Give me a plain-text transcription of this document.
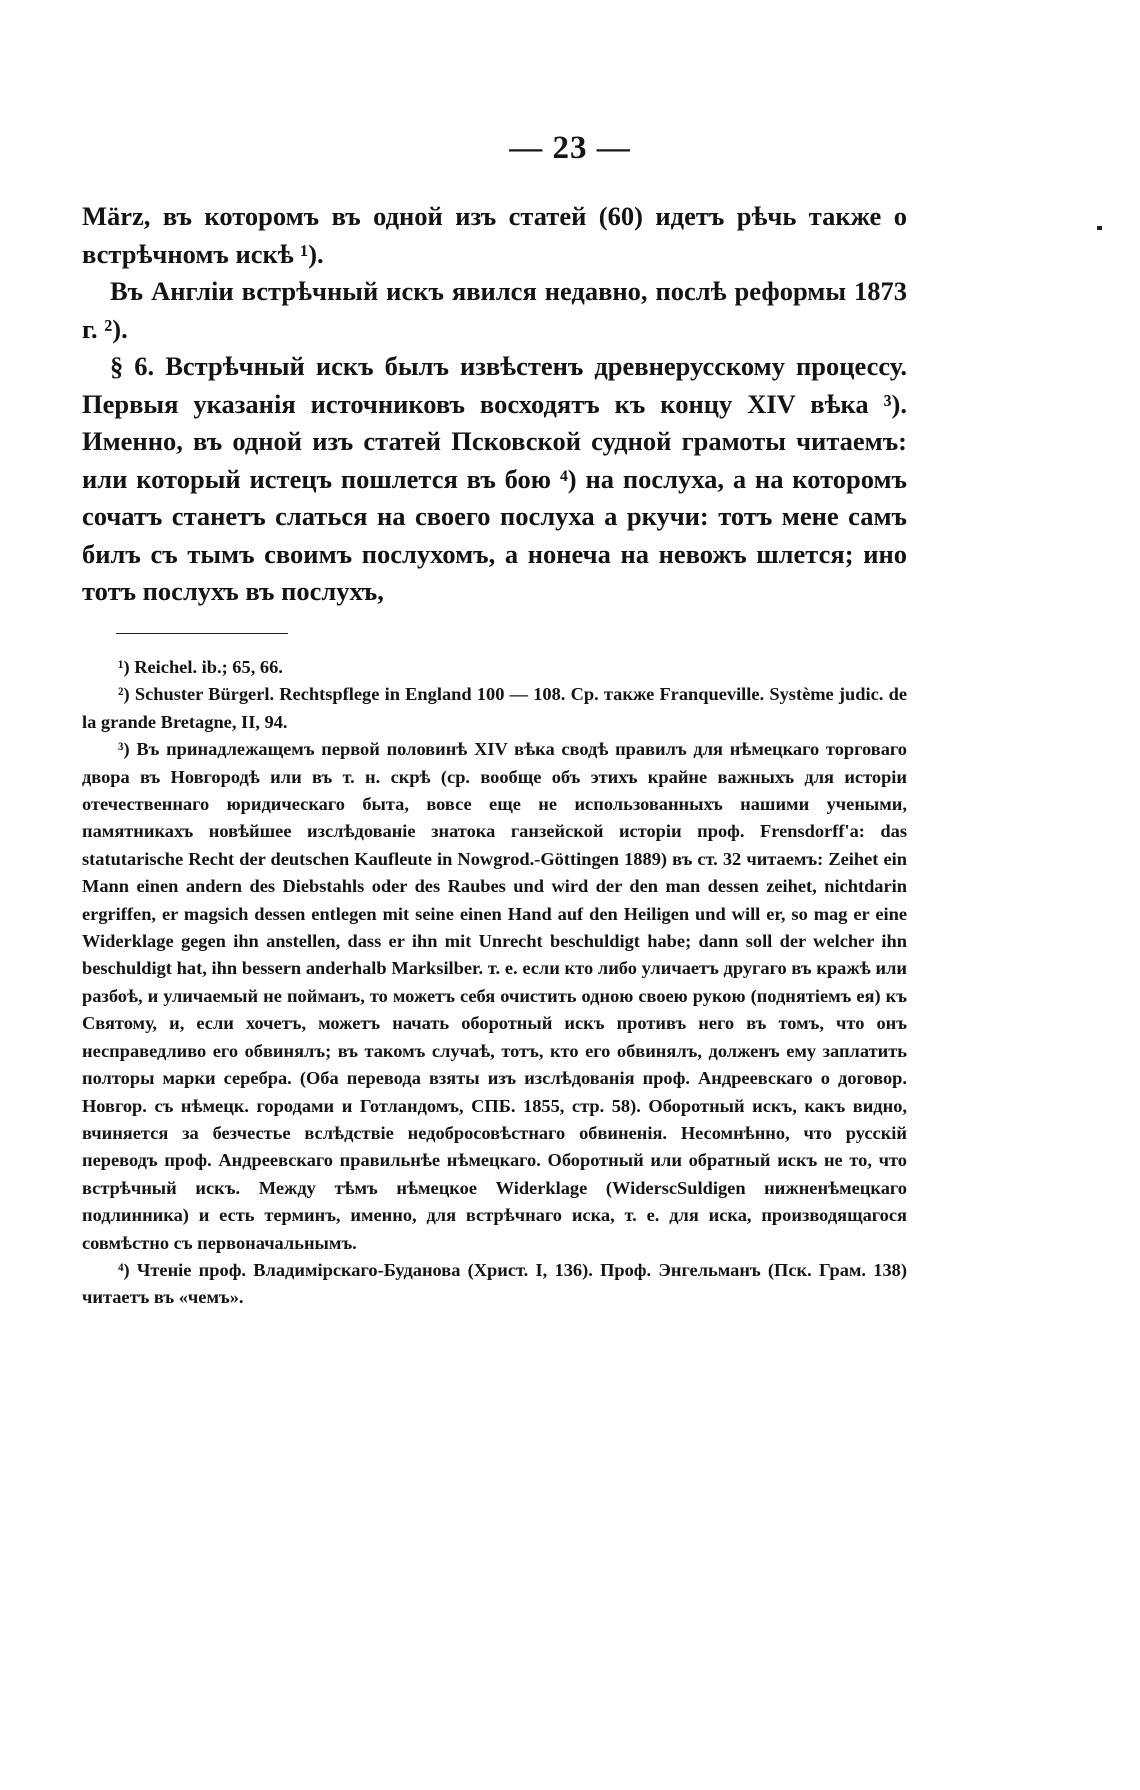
— 23 —

März, въ которомъ въ одной изъ статей (60) идетъ рѣчь также о встрѣчномъ искѣ ¹).

Въ Англіи встрѣчный искъ явился недавно, послѣ реформы 1873 г. ²).

§ 6. Встрѣчный искъ былъ извѣстенъ древнерусскому процессу. Первыя указанія источниковъ восходятъ къ концу XIV вѣка ³). Именно, въ одной изъ статей Псковской судной грамоты читаемъ: или который истецъ пошлется въ бою ⁴) на послуха, а на которомъ сочатъ станетъ слаться на своего послуха а ркучи: тотъ мене самъ билъ съ тымъ своимъ послухомъ, а нонеча на невожъ шлется; ино тотъ послухъ въ послухъ,

¹) Reichel. ib.; 65, 66.

²) Schuster Bürgerl. Rechtspflege in England 100 — 108. Ср. также Franqueville. Système judic. de la grande Bretagne, II, 94.

³) Въ принадлежащемъ первой половинѣ XIV вѣка сводѣ правилъ для нѣмецкаго торговаго двора въ Новгородѣ или въ т. н. скрѣ (ср. вообще объ этихъ крайне важныхъ для исторіи отечественнаго юридическаго быта, вовсе еще не использованныхъ нашими учеными, памятникахъ новѣйшее изслѣдованіе знатока ганзейской исторіи проф. Frensdorff'а: das statutarische Recht der deutschen Kaufleute in Nowgrod.-Göttingen 1889) въ ст. 32 читаемъ: Zeihet ein Mann einen andern des Diebstahls oder des Raubes und wird der den man dessen zeihet, nichtdarin ergriffen, er magsich dessen entlegen mit seine einen Hand auf den Heiligen und will er, so mag er eine Widerklage gegen ihn anstellen, dass er ihn mit Unrecht beschuldigt habe; dann soll der welcher ihn beschuldigt hat, ihn bessern anderhalb Marksilber. т. е. если кто либо уличаетъ другаго въ кражѣ или разбоѣ, и уличаемый не пойманъ, то можетъ себя очистить одною своею рукою (поднятіемъ ея) къ Святому, и, если хочетъ, можетъ начать оборотный искъ противъ него въ томъ, что онъ несправедливо его обвинялъ; въ такомъ случаѣ, тотъ, кто его обвинялъ, долженъ ему заплатить полторы марки серебра. (Оба перевода взяты изъ изслѣдованія проф. Андреевскаго о договор. Новгор. съ нѣмецк. городами и Готландомъ, СПБ. 1855, стр. 58). Оборотный искъ, какъ видно, вчиняется за безчестье вслѣдствіе недобросовѣстнаго обвиненія. Несомнѣнно, что русскій переводъ проф. Андреевскаго правильнѣе нѣмецкаго. Оборотный или обратный искъ не то, что встрѣчный искъ. Между тѣмъ нѣмецкое Widerklage (WiderscSuldigen нижненѣмецкаго подлинника) и есть терминъ, именно, для встрѣчнаго иска, т. е. для иска, производящагося совмѣстно съ первоначальнымъ.

⁴) Чтеніе проф. Владимірскаго-Буданова (Христ. I, 136). Проф. Энгельманъ (Пск. Грам. 138) читаетъ въ «чемъ».
